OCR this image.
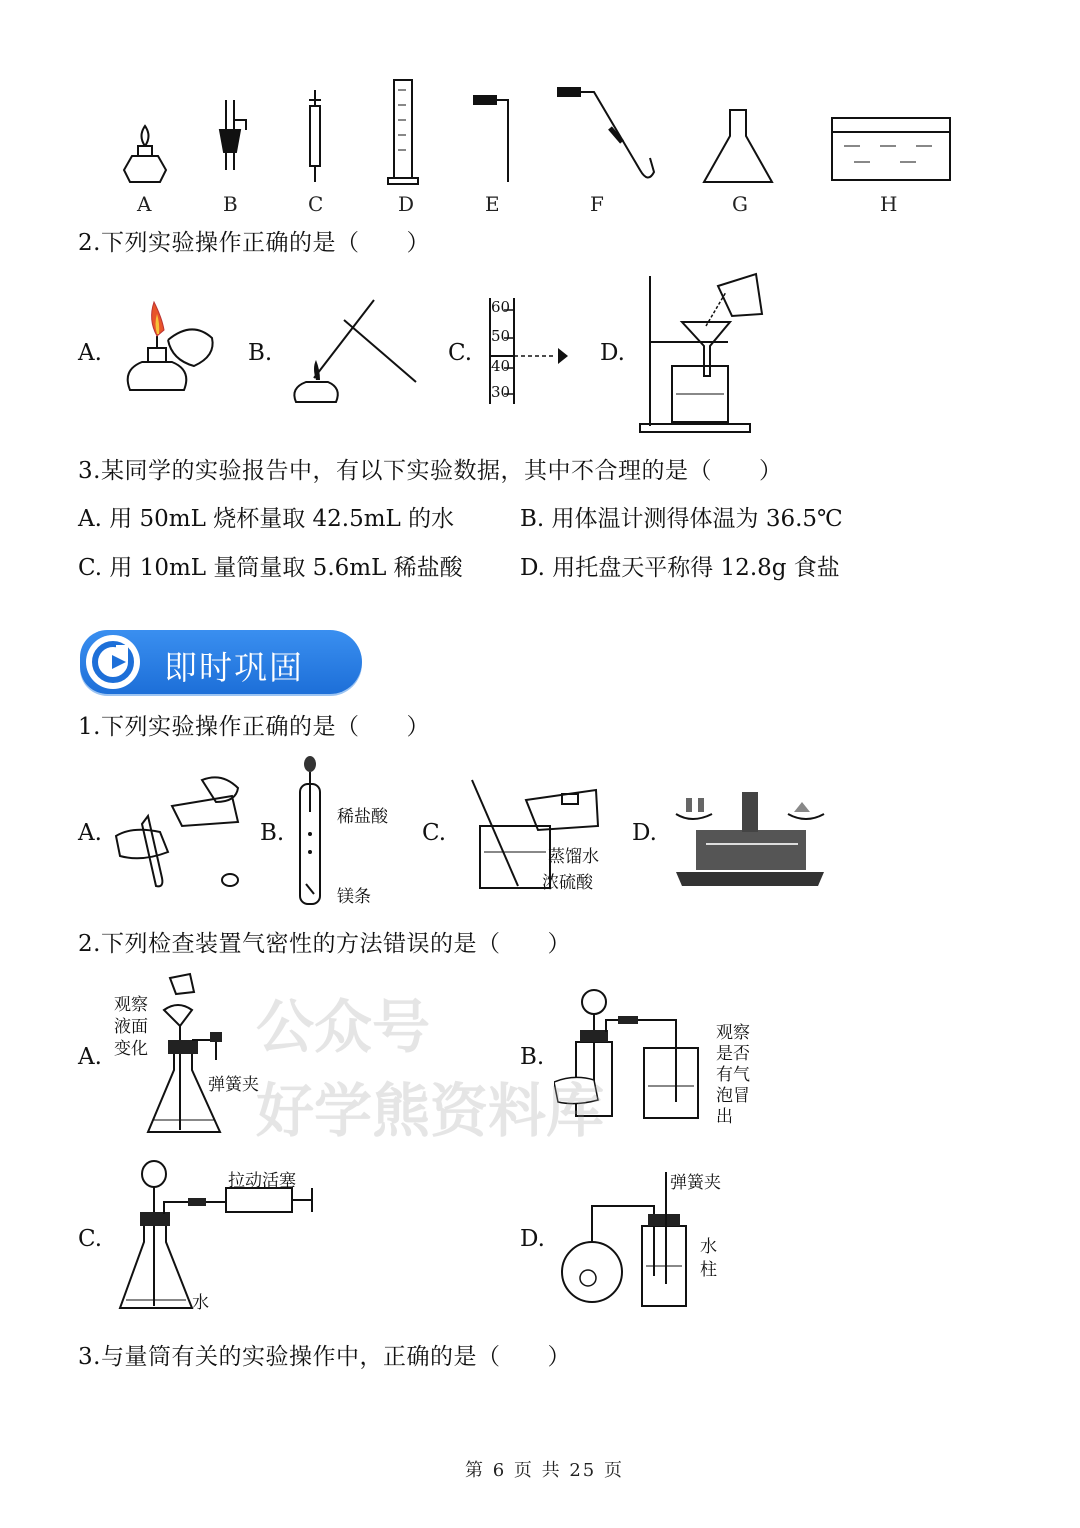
A	B	C	D	E	F	G	H
2.下列实验操作正确的是（　　）
A.	B.	C.
60
50
40
30
D.
3.某同学的实验报告中，有以下实验数据，其中不合理的是（　　）
A. 用 50mL 烧杯量取 42.5mL 的水	B. 用体温计测得体温为 36.5℃
C. 用 10mL 量筒量取 5.6mL 稀盐酸 D. 用托盘天平称得 12.8g 食盐
即时巩固
1.下列实验操作正确的是（　　）
A.	B.
稀盐酸
镁条
C.
蒸馏水
浓硫酸
D.
2.下列检查装置气密性的方法错误的是（　　）
A.
观察
液面
变化
弹簧夹
B.
观察
是否
有气
泡冒
出
C.
拉动活塞
水
D.
弹簧夹
水
柱
3.与量筒有关的实验操作中，正确的是（　　）
公众号
好学熊资料库
第 6 页 共 25 页
